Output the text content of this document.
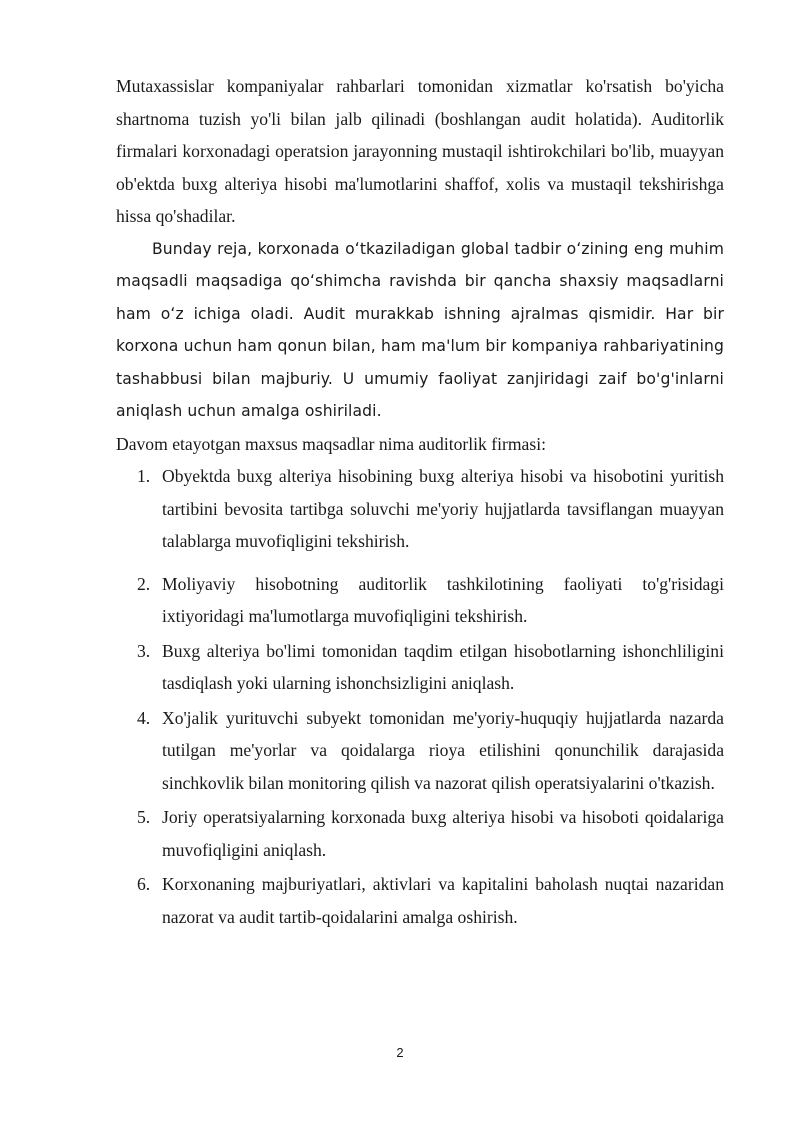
Mutaxassislar kompaniyalar rahbarlari tomonidan xizmatlar ko'rsatish bo'yicha shartnoma tuzish yo'li bilan jalb qilinadi (boshlangan audit holatida). Auditorlik firmalari korxonadagi operatsion jarayonning mustaqil ishtirokchilari bo'lib, muayyan ob'ektda buxg alteriya hisobi ma'lumotlarini shaffof, xolis va mustaqil tekshirishga hissa qo'shadilar.

Bunday reja, korxonada oʻtkaziladigan global tadbir oʻzining eng muhim maqsadli maqsadiga qoʻshimcha ravishda bir qancha shaxsiy maqsadlarni ham oʻz ichiga oladi. Audit murakkab ishning ajralmas qismidir. Har bir korxona uchun ham qonun bilan, ham ma'lum bir kompaniya rahbariyatining tashabbusi bilan majburiy. U umumiy faoliyat zanjiridagi zaif bo'g'inlarni aniqlash uchun amalga oshiriladi.

Davom etayotgan maxsus maqsadlar nima auditorlik firmasi:

1. Obyektda buxg alteriya hisobining buxg alteriya hisobi va hisobotini yuritish tartibini bevosita tartibga soluvchi me'yoriy hujjatlarda tavsiflangan muayyan talablarga muvofiqligini tekshirish.
2. Moliyaviy hisobotning auditorlik tashkilotining faoliyati to'g'risidagi ixtiyoridagi ma'lumotlarga muvofiqligini tekshirish.
3. Buxg alteriya bo'limi tomonidan taqdim etilgan hisobotlarning ishonchliligini tasdiqlash yoki ularning ishonchsizligini aniqlash.
4. Xo'jalik yurituvchi subyekt tomonidan me'yoriy-huquqiy hujjatlarda nazarda tutilgan me'yorlar va qoidalarga rioya etilishini qonunchilik darajasida sinchkovlik bilan monitoring qilish va nazorat qilish operatsiyalarini o'tkazish.
5. Joriy operatsiyalarning korxonada buxg alteriya hisobi va hisoboti qoidalariga muvofiqligini aniqlash.
6. Korxonaning majburiyatlari, aktivlari va kapitalini baholash nuqtai nazaridan nazorat va audit tartib-qoidalarini amalga oshirish.
2
